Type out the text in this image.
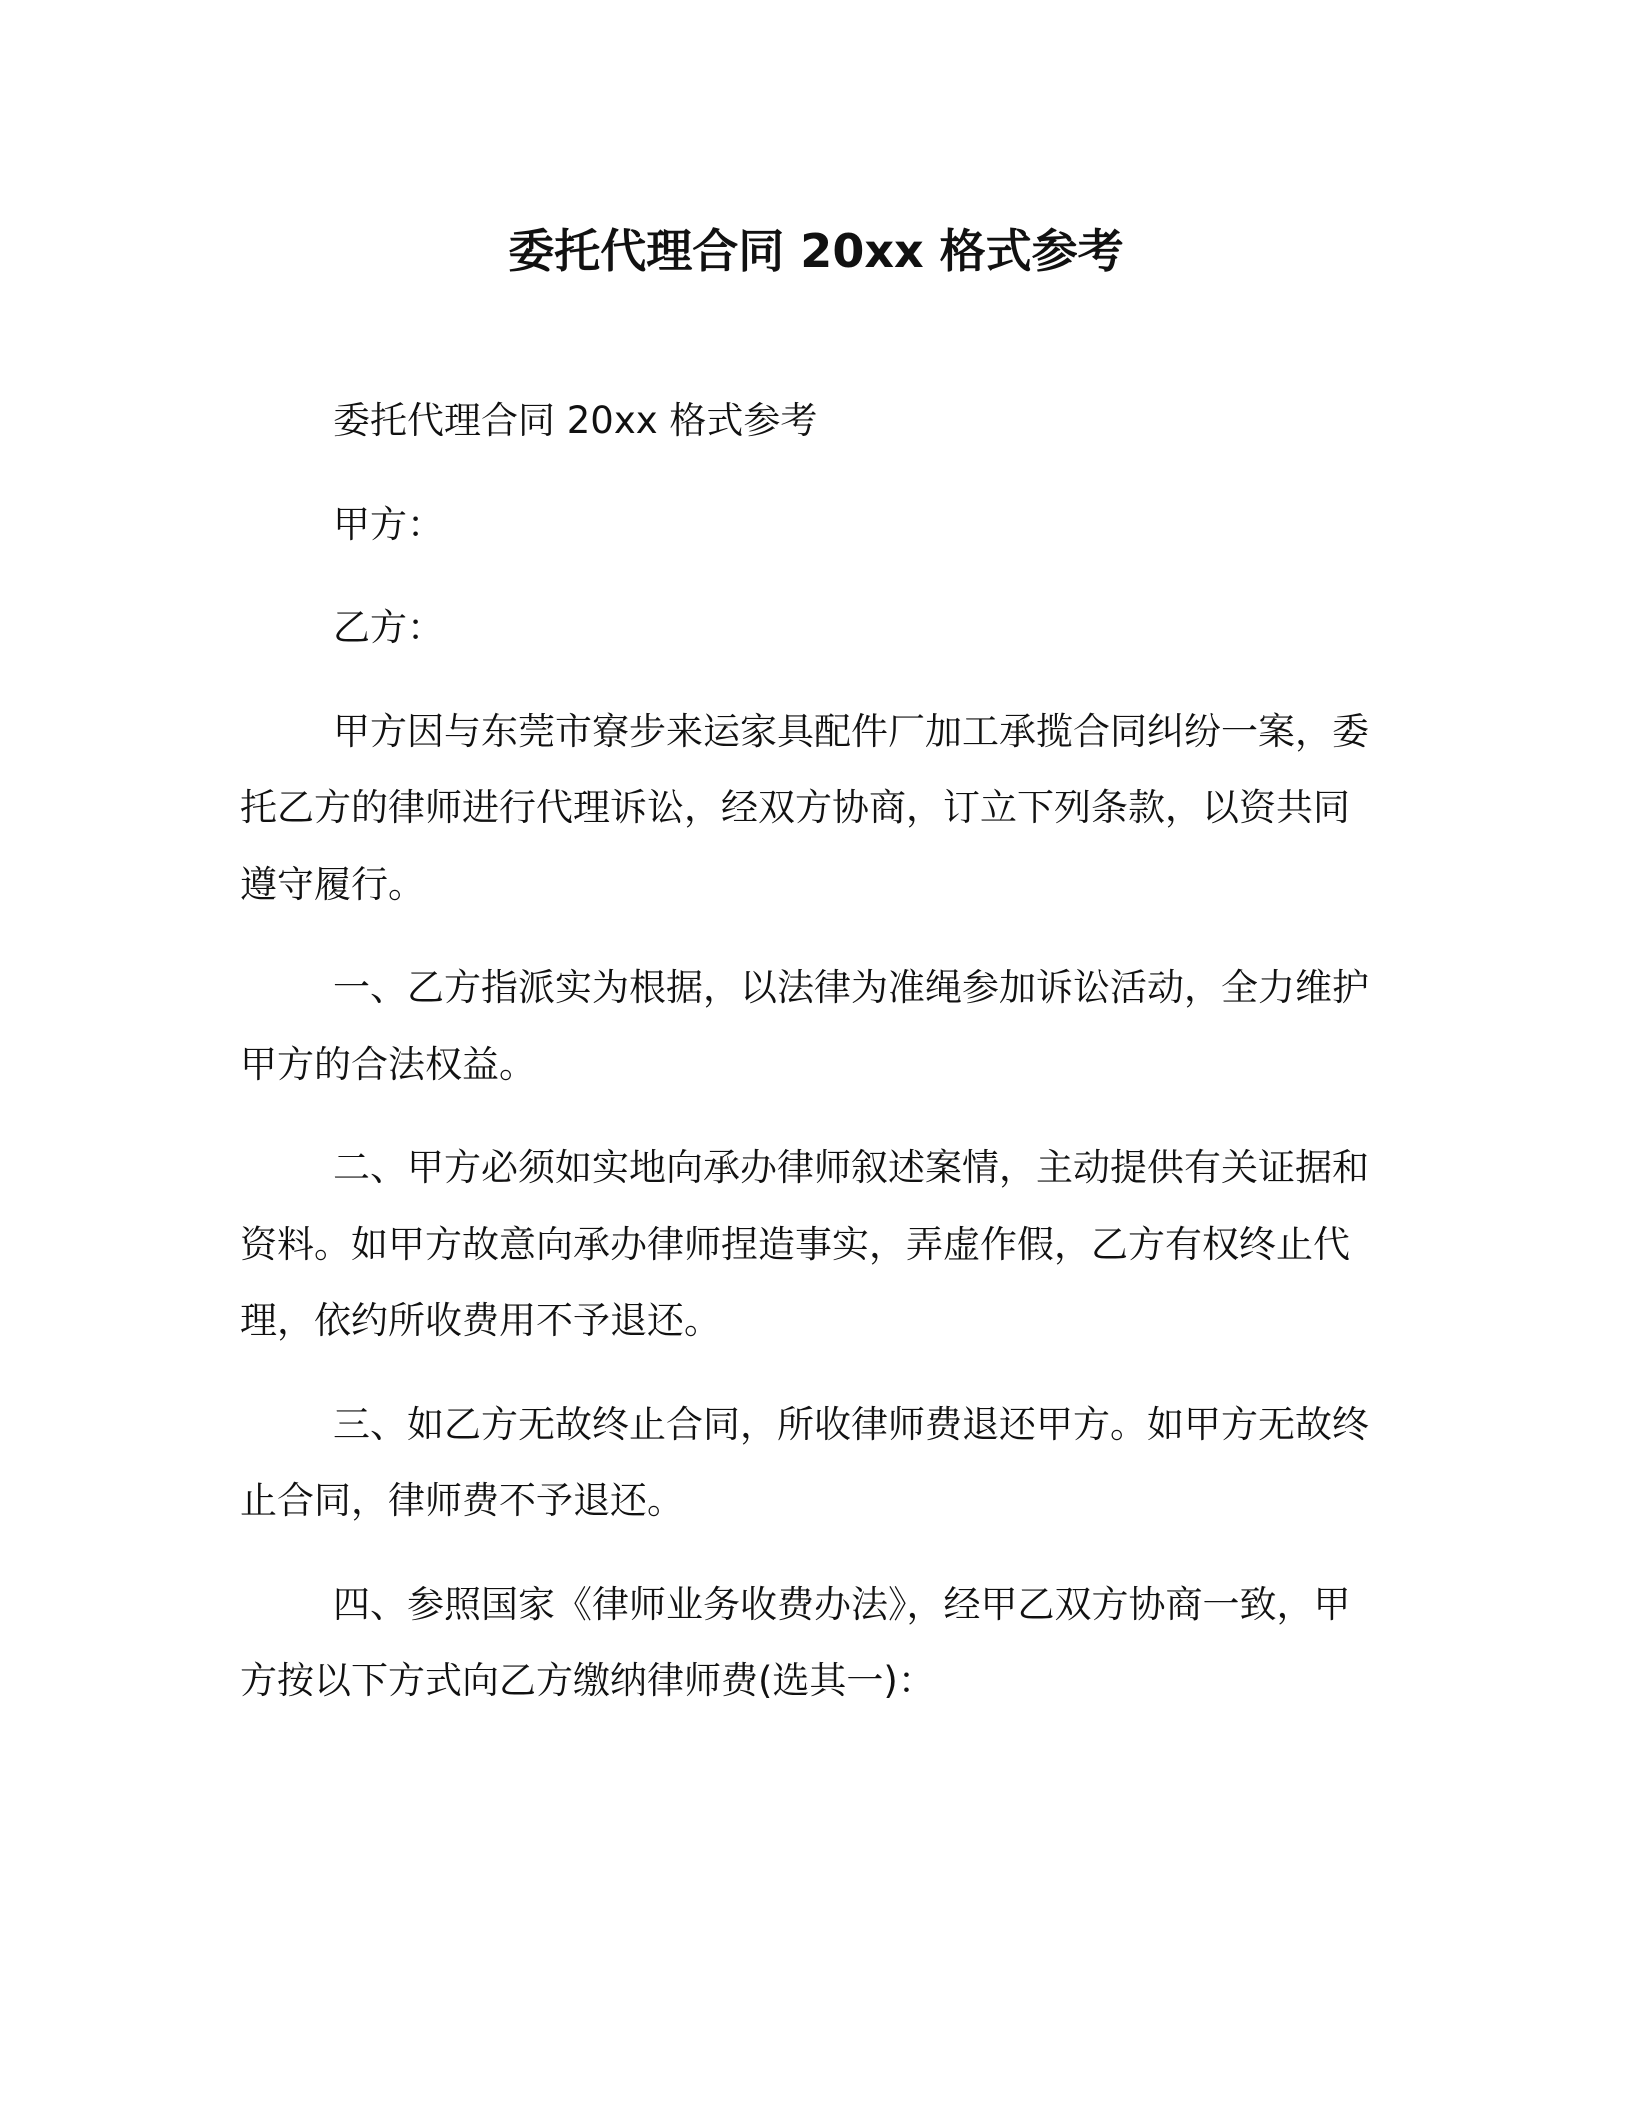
委托代理合同 20xx 格式参考
委托代理合同 20xx 格式参考
甲方：
乙方：
甲方因与东莞市寮步来运家具配件厂加工承揽合同纠纷一案，委
托乙方的律师进行代理诉讼，经双方协商，订立下列条款，以资共同
遵守履行。
一、乙方指派实为根据，以法律为准绳参加诉讼活动，全力维护
甲方的合法权益。
二、甲方必须如实地向承办律师叙述案情，主动提供有关证据和
资料。如甲方故意向承办律师捏造事实，弄虚作假，乙方有权终止代
理，依约所收费用不予退还。
三、如乙方无故终止合同，所收律师费退还甲方。如甲方无故终
止合同，律师费不予退还。
四、参照国家《律师业务收费办法》，经甲乙双方协商一致，甲
方按以下方式向乙方缴纳律师费(选其一)：
